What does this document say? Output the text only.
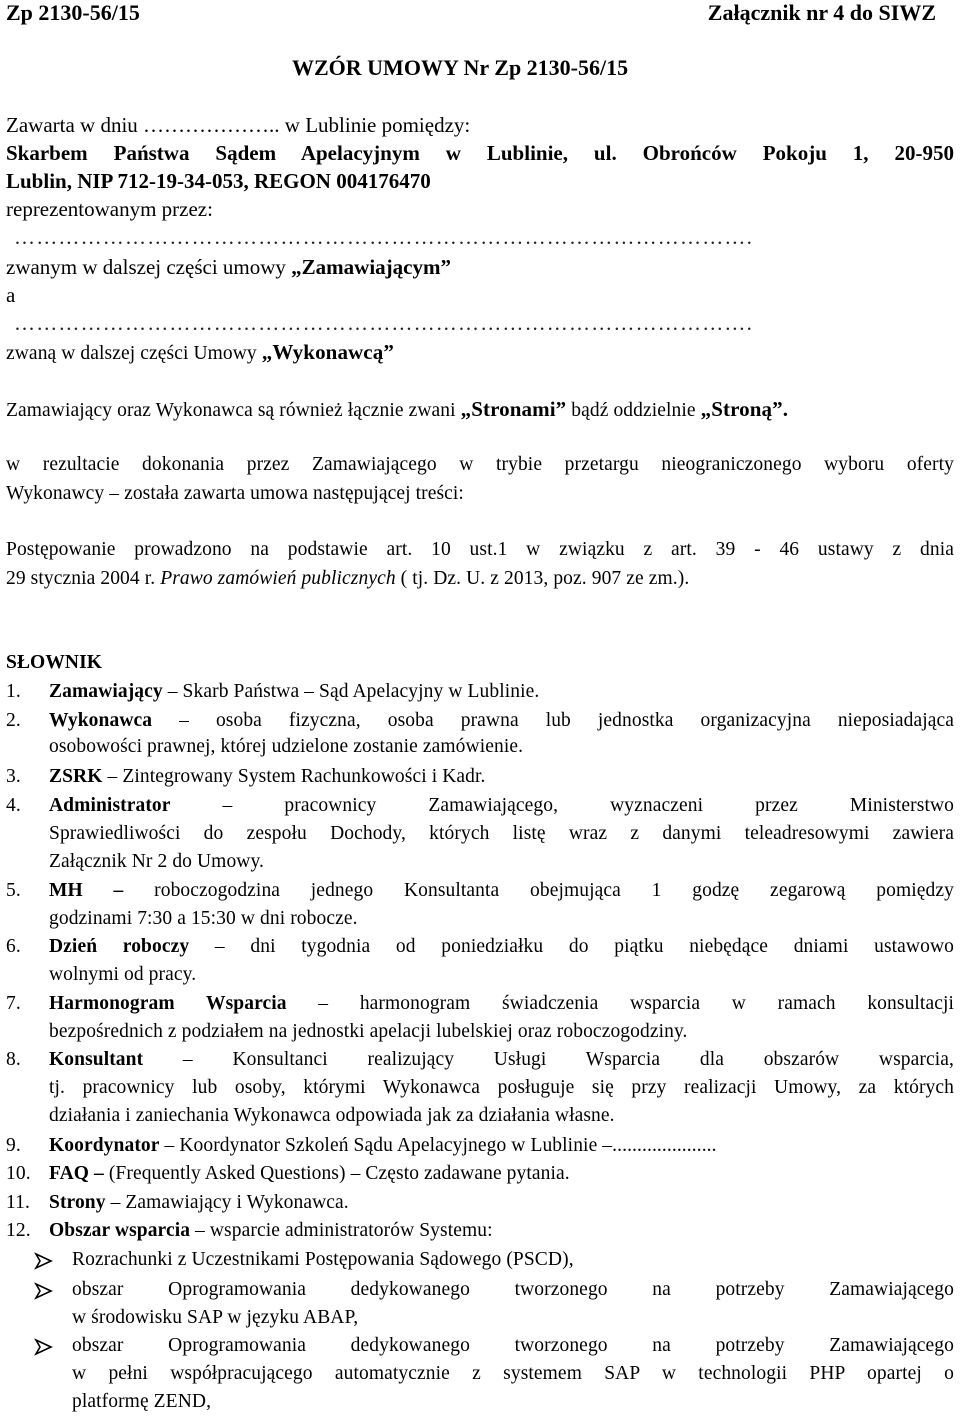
Zp 2130-56/15	Załącznik nr 4 do SIWZ
WZÓR UMOWY Nr Zp 2130-56/15
Zawarta w dniu ……………….. w Lublinie pomiędzy:
Skarbem Państwa Sądem Apelacyjnym w Lublinie, ul. Obrońców Pokoju 1, 20-950
Lublin, NIP 712-19-34-053, REGON 004176470
reprezentowanym przez:
……………………………………………………………………………………….
zwanym w dalszej części umowy „Zamawiającym”
a
……………………………………………………………………………………….
zwaną w dalszej części Umowy „Wykonawcą”
Zamawiający oraz Wykonawca są również łącznie zwani „Stronami” bądź oddzielnie „Stroną”.
w rezultacie dokonania przez Zamawiającego w trybie przetargu nieograniczonego wyboru oferty
Wykonawcy – została zawarta umowa następującej treści:
Postępowanie prowadzono na podstawie art. 10 ust.1 w związku z art. 39 - 46 ustawy z dnia
29 stycznia 2004 r. Prawo zamówień publicznych ( tj. Dz. U. z 2013, poz. 907 ze zm.).
SŁOWNIK
1. Zamawiający – Skarb Państwa – Sąd Apelacyjny w Lublinie.
2. Wykonawca – osoba fizyczna, osoba prawna lub jednostka organizacyjna nieposiadająca
osobowości prawnej, której udzielone zostanie zamówienie.
3. ZSRK – Zintegrowany System Rachunkowości i Kadr.
4. Administrator – pracownicy Zamawiającego, wyznaczeni przez Ministerstwo
Sprawiedliwości do zespołu Dochody, których listę wraz z danymi teleadresowymi zawiera
Załącznik Nr 2 do Umowy.
5. MH – roboczogodzina jednego Konsultanta obejmująca 1 godzę zegarową pomiędzy
godzinami 7:30 a 15:30 w dni robocze.
6. Dzień roboczy – dni tygodnia od poniedziałku do piątku niebędące dniami ustawowo
wolnymi od pracy.
7. Harmonogram Wsparcia – harmonogram świadczenia wsparcia w ramach konsultacji
bezpośrednich z podziałem na jednostki apelacji lubelskiej oraz roboczogodziny.
8. Konsultant – Konsultanci realizujący Usługi Wsparcia dla obszarów wsparcia,
tj. pracownicy lub osoby, którymi Wykonawca posługuje się przy realizacji Umowy, za których
działania i zaniechania Wykonawca odpowiada jak za działania własne.
9. Koordynator – Koordynator Szkoleń Sądu Apelacyjnego w Lublinie –.....................
10. FAQ – (Frequently Asked Questions) – Często zadawane pytania.
11. Strony – Zamawiający i Wykonawca.
12. Obszar wsparcia – wsparcie administratorów Systemu:
Rozrachunki z Uczestnikami Postępowania Sądowego (PSCD),
obszar Oprogramowania dedykowanego tworzonego na potrzeby Zamawiającego
w środowisku SAP w języku ABAP,
obszar Oprogramowania dedykowanego tworzonego na potrzeby Zamawiającego
w pełni współpracującego automatycznie z systemem SAP w technologii PHP opartej o
platformę ZEND,
